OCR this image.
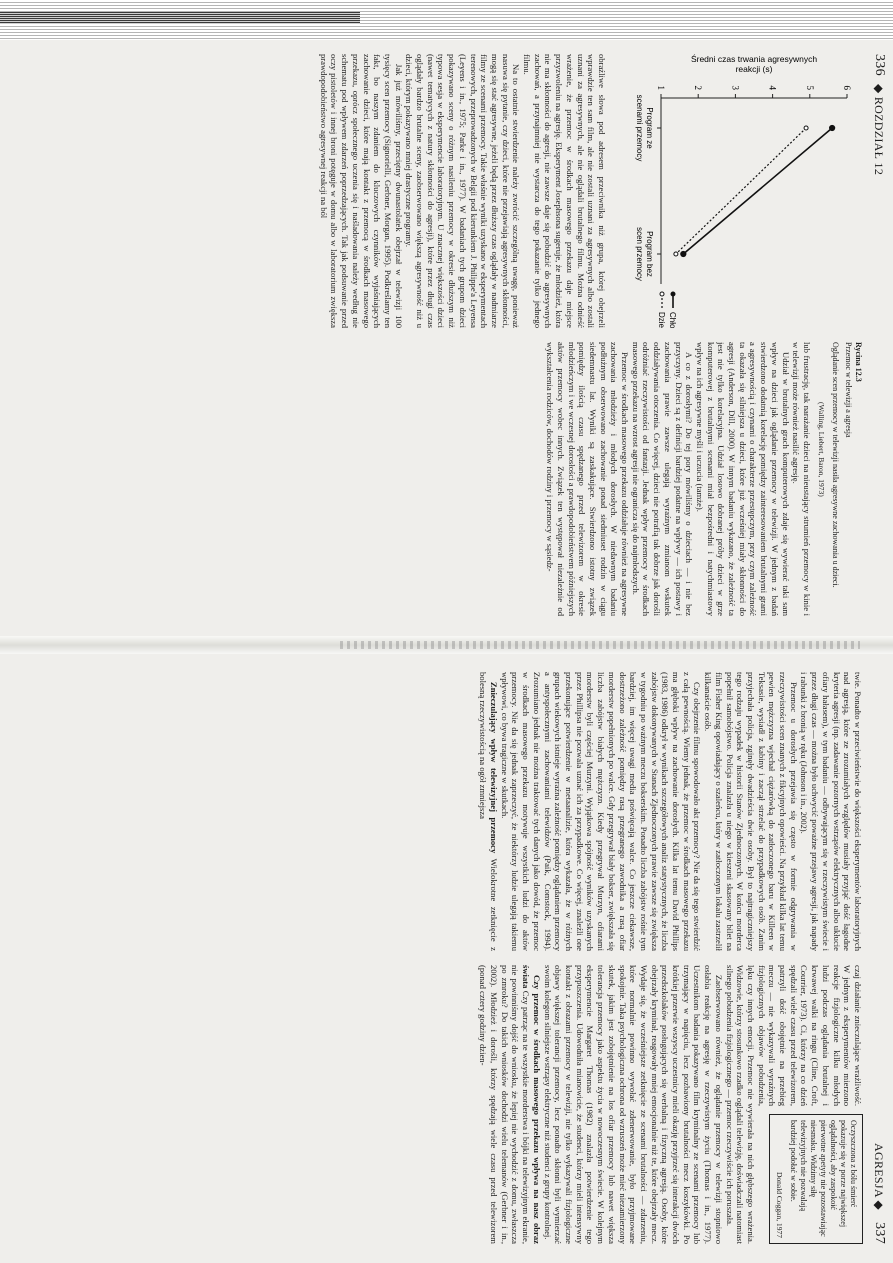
336
◆ ROZDZIAŁ 12
1	2	3	4	5	6
Średni czas trwania agresywnych reakcji (s)
Program zescenami przemocy
Program bezscen przemocy
Chłopcy
Dziewczęta

obraźliwe słowa pod adresem przeciwnika niż grupa, której obejrzeli wprawdzie ten sam film, ale nie zostali uznani za agresywnych albo zostali uznani za agresywnych, ale nie oglądali brutalnego filmu. Można odnieść wrażenie, że przemoc w środkach masowego przekazu daje miejsce przyzwoleniu na agresję. Eksperyment Josephsona sugeruje, że młodzież, która nie ma skłonności do agresji, nie zawsze daje się pobudzić do agresywnych zachowań, a przynajmniej nie wystarcza do tego pokazanie tylko jednego filmu.

Na to ostatnie stwierdzenie należy zwrócić szczególną uwagę, ponieważ nasuwa się pytanie, czy dzieci, które nie przejawiają agresywnych skłonności, mogą się stać agresywne, jeżeli będą przez dłuższy czas oglądały w nadmiarze filmy ze scenami przemocy. Takie właśnie wyniki uzyskano w eksperymentach terenowych, przeprowadzonych w Belgii pod kierunkiem J. Philippe'a Leyensa (Leyens i in., 1975; Parke i in., 1977). W badaniach tych grupom dzieci pokazywano sceny o różnym nasileniu przemocy w okresie dłuższym niż typowa sesja w eksperymencie laboratoryjnym. U znacznej większości dzieci (nawet tematycych z natury skłonności do agresji), które przez długi czas oglądały bardzo brutalne sceny, zaobserwowano większą agresywność niż u dzieci, którym pokazywano mniej drastyczne programy.

Jak już mówiliśmy, przeciętny dwunastolatek obejrzał w telewizji 100 tysięcy scen przemocy (Signorielli, Gerbner, Morgan, 1995). Podkreślamy ten fakt, bo naszym zdaniem do kluczowych czynników wyjaśniających zachowanie dzieci, które mają kontakt z przemocą w środkach masowego przekazu, oprócz społecznego uczenia się i naśladowania należy według nie schematu pod wpływem zdarzeń poprzedzających. Tak jak podsuwanie przed oczy pistoletów i innej broni potęguje w domu albo w laboratorium zwiększa prawdopodobieństwo agresywnej reakcji na ból

Rycina 12.3
Przemoc w telewizji a agresja
Oglądanie scen przemocy w telewizji nasila agresywne zachowania u dzieci.
(Walling, Liebert, Baron, 1973)

lub frustrację, tak narażanie dzieci na nieustający strumień przemocy w kinie i w telewizji może również nasilić agresję.

Udział w brutalnych grach komputerowych zdaje się wywierać taki sam wpływ na dzieci jak oglądanie przemocy w telewizji. W jednym z badań stwierdzono dodatnią korelację pomiędzy zainteresowaniem brutalnymi grami a agresywnością i czynami o charakterze przestępczym, przy czym zależność ta okazała się silniejsza u dzieci, które już wcześniej miały skłonności do agresji (Anderson, Dill, 2000). W innym badaniu wykazano, że zależność ta jest nie tylko korelacyjna. Udział losowo dobranej próby dzieci w grze komputerowej z brutalnymi scenami miał bezpośredni i natychmiastowy wpływ na ich agresywne myśli i uczucia (tamże).

A co z dorosłymi? Do tej pory mówiliśmy o dzieciach — i nie bez przyczyny. Dzieci są z definicji bardziej podatne na wpływy — ich postawy i zachowania prawie zawsze ulegają wyraźnym zmianom wskutek oddziaływania otoczenia. Co więcej, dzieci nie potrafią tak dobrze jak dorośli odróżniać rzeczywistości od fantazji. Jednak wpływ przemocy w środkach masowego przekazu na wzrost agresji nie ogranicza się do najmłodszych.

Przemoc w środkach masowego przekazu oddziałuje również na agresywne zachowania młodzieży i młodych dorosłych. W niedawnym badaniu podłużnym obserwowano zachowanie ponad siedmiuset rodzin w ciągu siedemnastu lat. Wyniki są zaskakujące. Stwierdzono istotny związek pomiędzy ilością czasu spędzanego przed telewizorem w okresie młodzieńczym i we wczesnej dorosłości a prawdopodobieństwem późniejszych aktów przemocy wobec innych. Związek ten występował niezależnie od wykształcenia rodziców, dochodów rodziny i przemocy w sąsiedz-

AGRESJA ◆
337

twie. Ponadto w przeciwieństwie do większości eksperymentów laboratoryjnych nad agresją, które ze zrozumiałych względów musiały przyjąć dość łagodne kryteria agresji (np. zadawanie pozornych wstrząsów elektrycznych albo ukłucie ofiary hałasem), w tym badaniu — odbywającym się w rzeczywistym świecie i przez długi czas — można było uchwycić poważne przejawy agresji, jak napady i rabunki z bronią w ręku (Johnson i in., 2002).

Przemoc u dorosłych przejawia się często w formie odgrywania w rzeczywistości scen znanych z fikcyjnych opowieści. Na przykład kilka lat temu pewien mężczyzna wjechał ciężarówką do zatłoczonego baru w Killeen w Teksasie, wysiadł z kabiny i zaczął strzelać do przypadkowych osób. Zanim przyjechała policja, zginęły dwadzieścia dwie osoby. Był to najtragiczniejszy tego rodzaju wypadek w historii Stanów Zjednoczonych. W końcu morderca popełnił samobójstwo. Policja znalazła u niego w kieszeni skasowany bilet na film Fisher King opowiadający o szaleńcu, który w zatłoczonym lokalu zastrzelił kilkanaście osób.

Czy obejrzenie filmu spowodowało akt przemocy? Nie da się tego stwierdzić z całą pewnością. Wiemy jednak, że przemoc w środkach masowego przekazu ma głęboki wpływ na zachowanie dorosłych. Kilka lat temu David Phillips (1983, 1986) odkrył w wynikach szczegółowych analiz statystycznych, że liczba zabójstw dokonywanych w Stanach Zjednoczonych prawie zawsze się zwiększa w tygodniu po ważnym meczu bokserskim. Ponadto liczba zabójstw rośnie tym bardziej, im więcej uwagi media poświęcają walce. Co jeszcze ciekawsze, dostrzeżono zależność pomiędzy rasą przegranego zawodnika a rasą ofiar morderstw popełnionych po walce. Gdy przegrywał biały bokser, zwiększała się liczba zabójstw białych mężczyzn. Kiedy przegrywał Murzyn, ofiarami morderstw byli częściej Murzyni. Wyjątkowa spójność wyników uzyskanych przez Phillipsa nie pozwala uznać ich za przypadkowe. Co więcej, znaleźli one przekonujące potwierdzenie w metaanalizie, która wykazała, że w różnych grupach wiekowych istnieje wyraźna zależność pomiędzy oglądaniem przemocy a antyspołecznymi zachowaniami telewidzów (Paik, Comstock, 1994). Zrozumiano jednak nie można traktować tych danych jako dowód, że przemoc w środkach masowego przekazu motywuje wszystkich ludzi do aktów przemocy. Nie da się jednak zaprzeczyć, że niektórzy ludzie ulegają takiemu wpływowi, co bywa tragiczne w skutkach.

Znieczulający wpływ telewizyjnej przemocy Wielokrotne zetknięcie z bolesną rzeczywistością na ogół zmniejsza

Oczyszczona z bólu śmierć pokazuje się w porze największej oglądalności, aby zaspokoić pierwotne apetyty nie pozostawiając niesmaku. Widzimy siłę telewizyjnych nie pozwalają bardziej podołać w sobie.
Donald Coggan, 1977

czaj działanie znieczulające wrażliwość. W jednym z eksperymentów mierzono reakcje fizjologiczne kilku młodych ludzi podczas oglądania brutalnej i krwawej walki na ringu (Cline, Croft, Courrier, 1973). Ci, którzy na co dzień spędzali wiele czasu przed telewizorem, patrzyli dość obojętnie na przebieg meczu — nie wykazywali wyraźnych fizjologicznych objawów pobudzenia, lęku czy innych emocji. Przemoc nie wywierała na nich głębszego wrażenia. Widzowie, którzy stosunkowo rzadko oglądali telewizję, doświadczali natomiast silnego pobudzenia fizjologicznego — przemoc rzeczywiście ich poruszała.

Zaobserwowano również, że oglądanie przemocy w telewizji stopniowo osłabia reakcję na agresję w rzeczywistym życiu (Thomas i in., 1977). Uczestnikom badania pokazywano film kryminalny ze scenami przemocy lub trzymający w napięciu, lecz pozbawiony brutalności mecz koszykówki. Po krótkiej przerwie wszyscy uczestnicy mieli okazję przyjrzeć się interakcji dwóch przedszkolaków posługujących się werbalną i fizyczną agresją. Osoby, które obejrzały kryminał, reagowały mniej emocjonalnie niż te, które obejrzały mecz. Wydaje się, że wcześniejsze zetknięcie ze scenami brutalności — zdarzeniu, które normalnie powinno wywołać zdenerwowanie, było przyjmowane spokojnie. Taka psychologiczna ochrona od wzruszeń może mieć niezamierzony skutek, jakim jest zobojętnienie na los ofiar przemocy lub nawet większa tolerancja przemocy jako aspektu życia w nowoczesnym świecie. W kolejnym eksperymencie Margaret Thomas (1982) znalazła potwierdzenie tego przypuszczenia. Udowodniła mianowicie, że studenci, którzy mieli intensywny kontakt z obrazami przemocy w telewizji, nie tylko wykazywali fizjologiczne objawy większej tolerancji przemocy, lecz ponadto skłonni byli wymierzać swoim kolegom silniejsze wstrząsy elektryczne niż studenci z grupy kontrolnej.

Czy przemoc w środkach masowego przekazu wpływa na nasz obraz świata Czy patrząc na te wszystkie morderstwa i bójki na telewizyjnym ekranie, nie powinniśmy dojść do wniosku, że lepiej nie wychodzić z domu, zwłaszcza po zmroku? Do takich wniosków dochodzi wielu telemanów (Gerbner i in., 2002). Młodzież i dorośli, którzy spędzają wiele czasu przed telewizorem (ponad cztery godziny dzien-
